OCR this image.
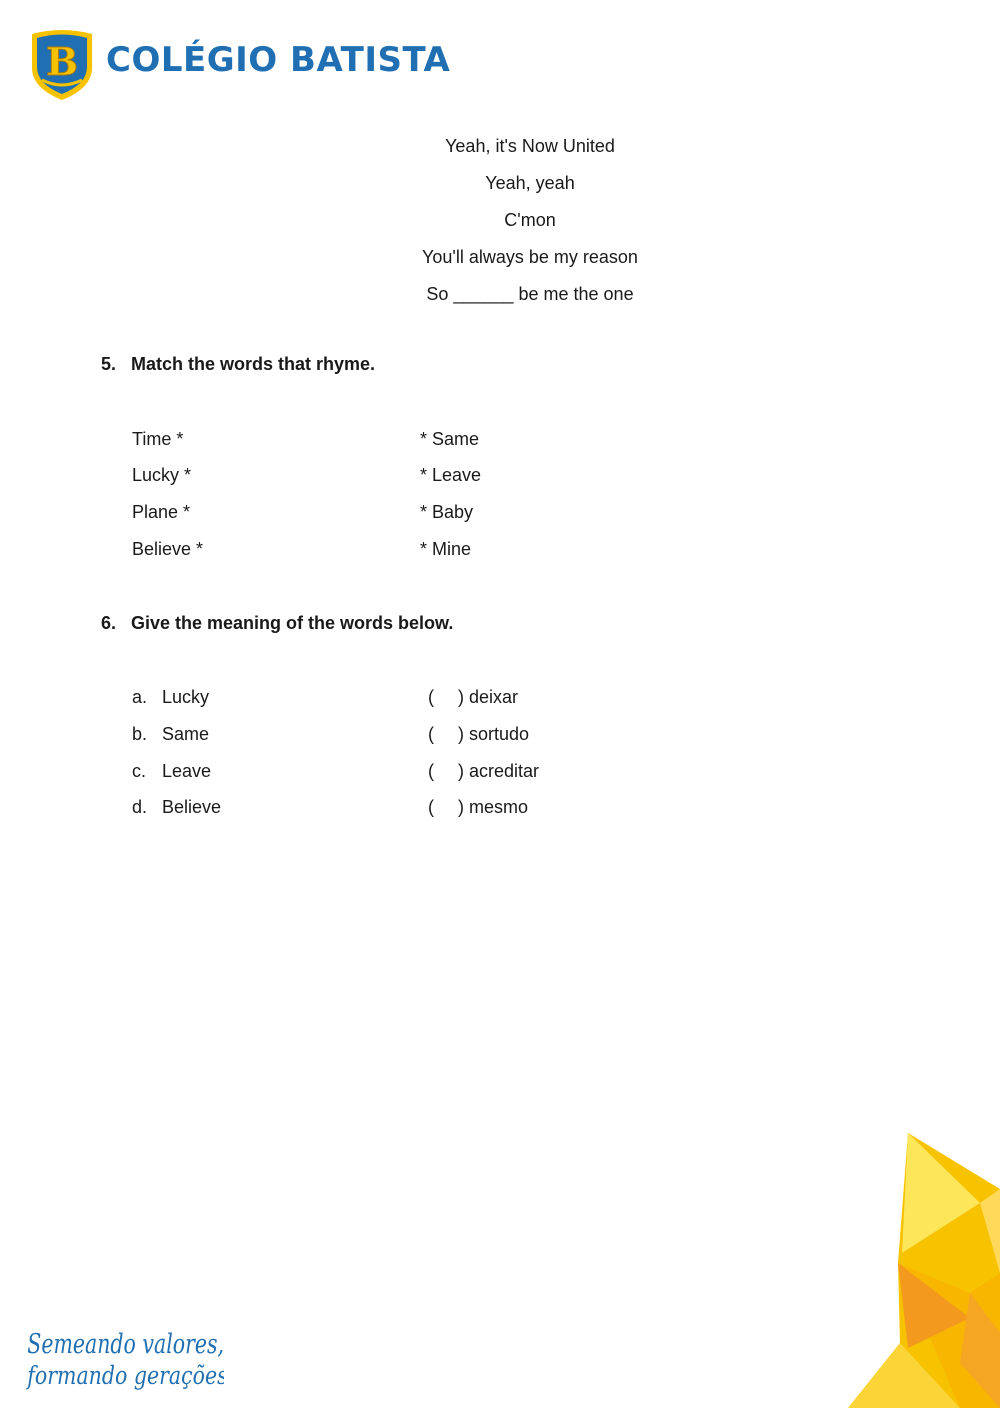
B COLÉGIO BATISTA
Yeah, it's Now United
Yeah, yeah
C'mon
You'll always be my reason
So ______ be me the one
5. Match the words that rhyme.
Time *
Lucky *
Plane *
Believe *
* Same
* Leave
* Baby
* Mine
6. Give the meaning of the words below.
a. Lucky
b. Same
c. Leave
d. Believe
( ) deixar
( ) sortudo
( ) acreditar
( ) mesmo
Semeando valores,
formando gerações.
